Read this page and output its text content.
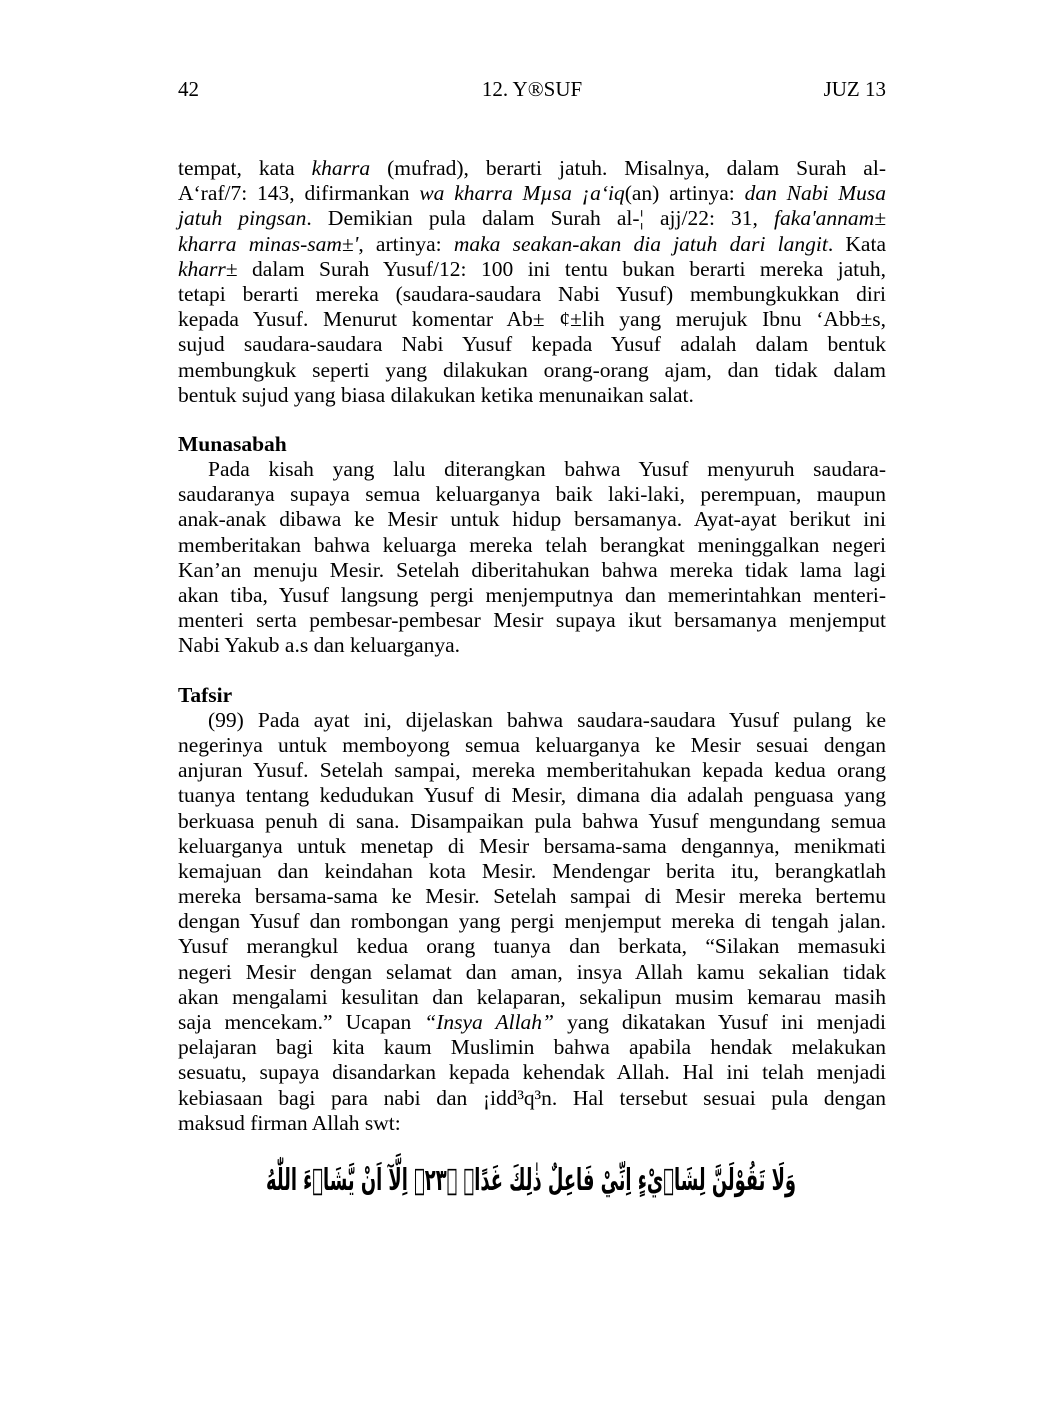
42	12. Y®SUF	JUZ 13
tempat, kata kharra (mufrad), berarti jatuh. Misalnya, dalam Surah al-
A‘raf/7: 143, difirmankan wa kharra Mµsa ¡a‘iq(an) artinya: dan Nabi Musa
jatuh pingsan. Demikian pula dalam Surah al-¦ ajj/22: 31, faka'annam±
kharra minas-sam±', artinya: maka seakan-akan dia jatuh dari langit. Kata
kharr± dalam Surah Yusuf/12: 100 ini tentu bukan berarti mereka jatuh,
tetapi berarti mereka (saudara-saudara Nabi Yusuf) membungkukkan diri
kepada Yusuf. Menurut komentar Ab± ¢±lih yang merujuk Ibnu ‘Abb±s,
sujud saudara-saudara Nabi Yusuf kepada Yusuf adalah dalam bentuk
membungkuk seperti yang dilakukan orang-orang ajam, dan tidak dalam
bentuk sujud yang biasa dilakukan ketika menunaikan salat.
Munasabah
Pada kisah yang lalu diterangkan bahwa Yusuf menyuruh saudara-
saudaranya supaya semua keluarganya baik laki-laki, perempuan, maupun
anak-anak dibawa ke Mesir untuk hidup bersamanya. Ayat-ayat berikut ini
memberitakan bahwa keluarga mereka telah berangkat meninggalkan negeri
Kan’an menuju Mesir. Setelah diberitahukan bahwa mereka tidak lama lagi
akan tiba, Yusuf langsung pergi menjemputnya dan memerintahkan menteri-
menteri serta pembesar-pembesar Mesir supaya ikut bersamanya menjemput
Nabi Yakub a.s dan keluarganya.
Tafsir
(99) Pada ayat ini, dijelaskan bahwa saudara-saudara Yusuf pulang ke
negerinya untuk memboyong semua keluarganya ke Mesir sesuai dengan
anjuran Yusuf. Setelah sampai, mereka memberitahukan kepada kedua orang
tuanya tentang kedudukan Yusuf di Mesir, dimana dia adalah penguasa yang
berkuasa penuh di sana. Disampaikan pula bahwa Yusuf mengundang semua
keluarganya untuk menetap di Mesir bersama-sama dengannya, menikmati
kemajuan dan keindahan kota Mesir. Mendengar berita itu, berangkatlah
mereka bersama-sama ke Mesir. Setelah sampai di Mesir mereka bertemu
dengan Yusuf dan rombongan yang pergi menjemput mereka di tengah jalan.
Yusuf merangkul kedua orang tuanya dan berkata, “Silakan memasuki
negeri Mesir dengan selamat dan aman, insya Allah kamu sekalian tidak
akan mengalami kesulitan dan kelaparan, sekalipun musim kemarau masih
saja mencekam.” Ucapan “Insya Allah” yang dikatakan Yusuf ini menjadi
pelajaran bagi kita kaum Muslimin bahwa apabila hendak melakukan
sesuatu, supaya disandarkan kepada kehendak Allah. Hal ini telah menjadi
kebiasaan bagi para nabi dan ¡idd³q³n. Hal tersebut sesuai pula dengan
maksud firman Allah swt:
وَلَا تَقُوْلَنَّ لِشَا۟يْءٍ اِنِّيْ فَاعِلٌ ذٰلِكَ غَدًاۙ ﴿٢٣﴾ اِلَّآ اَنْ يَّشَاۤءَ اللّٰهُ
